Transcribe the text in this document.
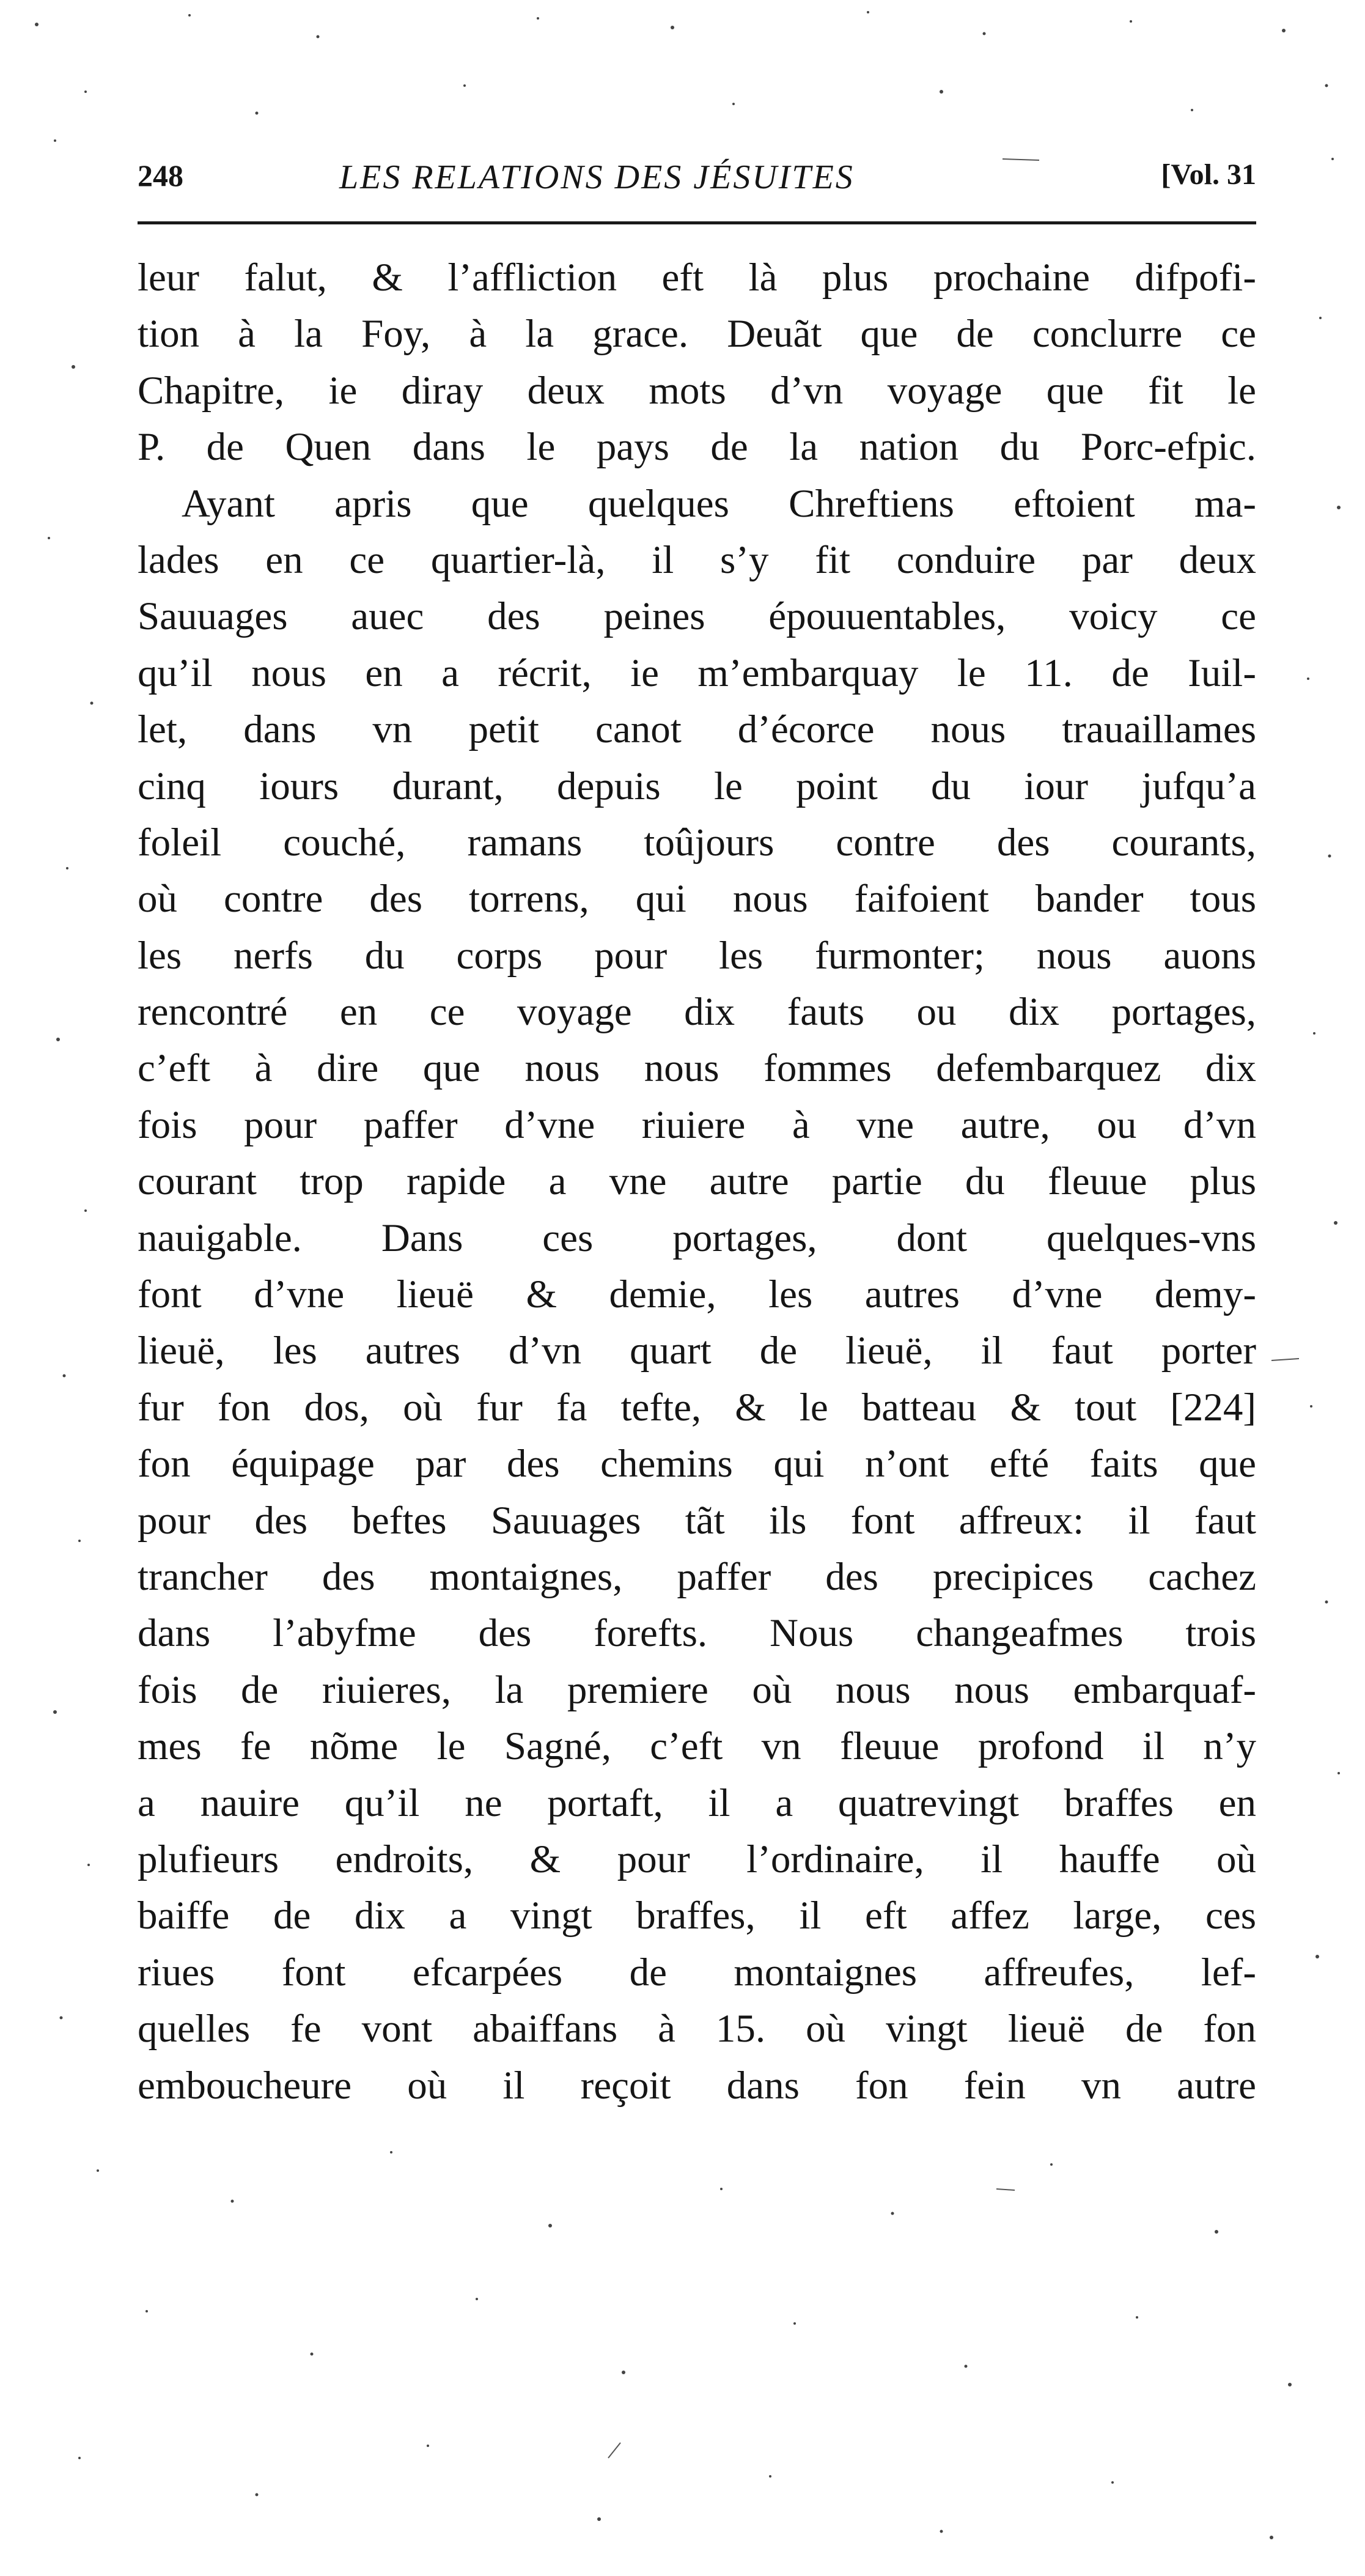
248	LES RELATIONS DES JÉSUITES	[Vol. 31
leur falut, & l’affliction eft là plus prochaine difpofi-
tion à la Foy, à la grace. Deuãt que de conclurre ce
Chapitre, ie diray deux mots d’vn voyage que fit le
P. de Quen dans le pays de la nation du Porc-efpic.
Ayant apris que quelques Chreftiens eftoient ma-
lades en ce quartier-là, il s’y fit conduire par deux
Sauuages auec des peines épouuentables, voicy ce
qu’il nous en a récrit, ie m’embarquay le 11. de Iuil-
let, dans vn petit canot d’écorce nous trauaillames
cinq iours durant, depuis le point du iour jufqu’a
foleil couché, ramans toûjours contre des courants,
où contre des torrens, qui nous faifoient bander tous
les nerfs du corps pour les furmonter; nous auons
rencontré en ce voyage dix fauts ou dix portages,
c’eft à dire que nous nous fommes defembarquez dix
fois pour paffer d’vne riuiere à vne autre, ou d’vn
courant trop rapide a vne autre partie du fleuue plus
nauigable. Dans ces portages, dont quelques-vns
font d’vne lieuë & demie, les autres d’vne demy-
lieuë, les autres d’vn quart de lieuë, il faut porter
fur fon dos, où fur fa tefte, & le batteau & tout [224]
fon équipage par des chemins qui n’ont efté faits que
pour des beftes Sauuages tãt ils font affreux: il faut
trancher des montaignes, paffer des precipices cachez
dans l’abyfme des forefts. Nous changeafmes trois
fois de riuieres, la premiere où nous nous embarquaf-
mes fe nõme le Sagné, c’eft vn fleuue profond il n’y
a nauire qu’il ne portaft, il a quatrevingt braffes en
plufieurs endroits, & pour l’ordinaire, il hauffe où
baiffe de dix a vingt braffes, il eft affez large, ces
riues font efcarpées de montaignes affreufes, lef-
quelles fe vont abaiffans à 15. où vingt lieuë de fon
emboucheure où il reçoit dans fon fein vn autre
